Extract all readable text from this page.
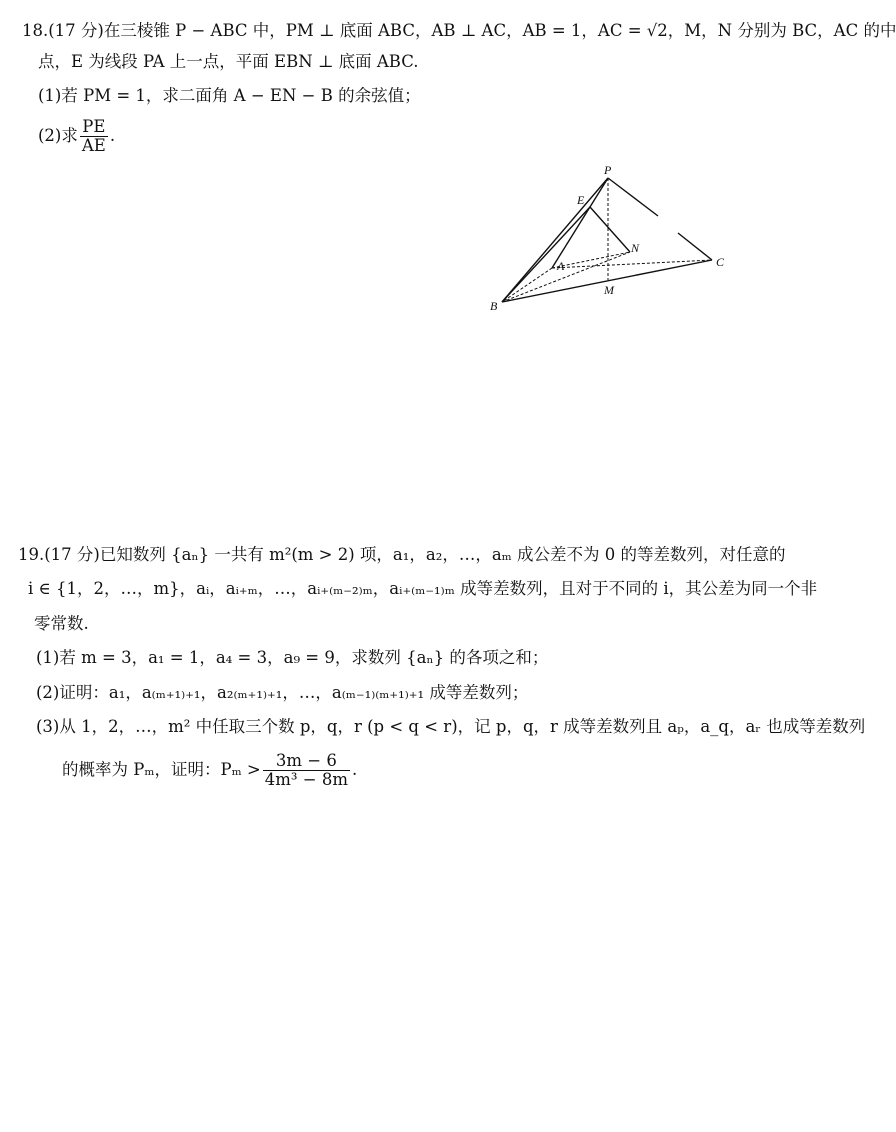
18.(17 分)在三棱锥 P − ABC 中，PM ⊥ 底面 ABC，AB ⊥ AC，AB = 1，AC = √2，M，N 分别为 BC，AC 的中
点，E 为线段 PA 上一点，平面 EBN ⊥ 底面 ABC.
(1)若 PM = 1，求二面角 A − EN − B 的余弦值；
(2)求 $\frac{PE}{AE}$ .
P
E
N
A	C
M
B
19.(17 分)已知数列 {aₙ} 一共有 m²(m > 2) 项，a₁，a₂，…，aₘ 成公差不为 0 的等差数列，对任意的
i ∈ {1，2，…，m}，aᵢ，aᵢ₊ₘ，…，aᵢ₊₍ₘ₋₂₎ₘ，aᵢ₊₍ₘ₋₁₎ₘ 成等差数列，且对于不同的 i，其公差为同一个非
零常数.
(1)若 m = 3，a₁ = 1，a₄ = 3，a₉ = 9，求数列 {aₙ} 的各项之和；
(2)证明：a₁，a₍ₘ₊₁₎₊₁，a₂₍ₘ₊₁₎₊₁，…，a₍ₘ₋₁₎₍ₘ₊₁₎₊₁ 成等差数列；
(3)从 1，2，…，m² 中任取三个数 p，q，r (p < q < r)，记 p，q，r 成等差数列且 aₚ，a_q，aᵣ 也成等差数列
的概率为 Pₘ，证明：$P_m > \frac{3m - 6}{\text{4m³ − 8m}}$ .
